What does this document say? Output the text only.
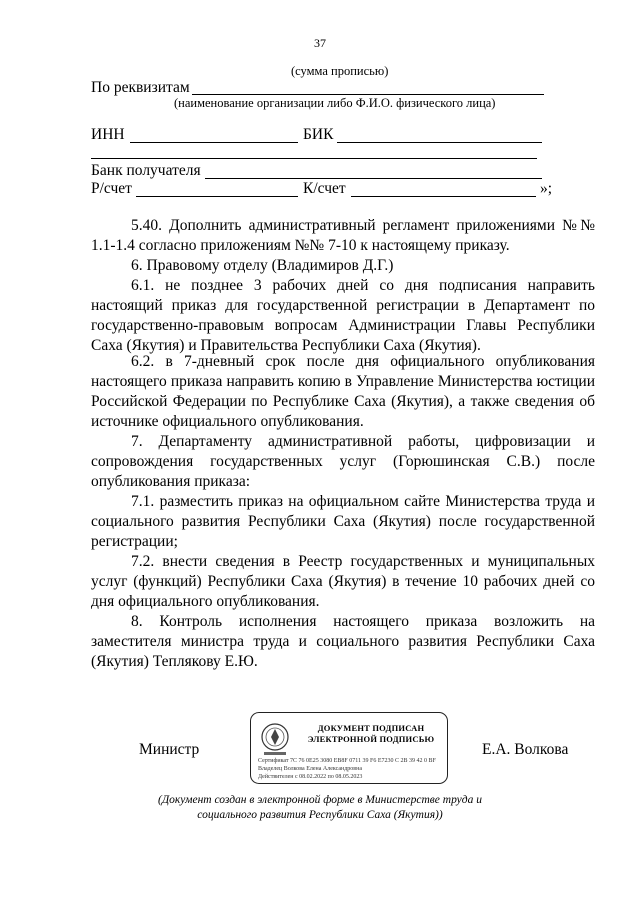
37
(сумма прописью)
По реквизитам
(наименование организации либо Ф.И.О. физического лица)
ИНН	БИК
Банк получателя
Р/счет	К/счет	»;
5.40. Дополнить административный регламент приложениями №№ 1.1-1.4 согласно приложениям №№ 7-10 к настоящему приказу.
6. Правовому отделу (Владимиров Д.Г.)
6.1. не позднее 3 рабочих дней со дня подписания направить настоящий приказ для государственной регистрации в Департамент по государственно-правовым вопросам Администрации Главы Республики Саха (Якутия) и Правительства Республики Саха (Якутия).
6.2. в 7-дневный срок после дня официального опубликования настоящего приказа направить копию в Управление Министерства юстиции Российской Федерации по Республике Саха (Якутия), а также сведения об источнике официального опубликования.
7. Департаменту административной работы, цифровизации и сопровождения государственных услуг (Горюшинская С.В.) после опубликования приказа:
7.1. разместить приказ на официальном сайте Министерства труда и социального развития Республики Саха (Якутия) после государственной регистрации;
7.2. внести сведения в Реестр государственных и муниципальных услуг (функций) Республики Саха (Якутия) в течение 10 рабочих дней со дня официального опубликования.
8. Контроль исполнения настоящего приказа возложить на заместителя министра труда и социального развития Республики Саха (Якутия) Теплякову Е.Ю.
Министр
ДОКУМЕНТ ПОДПИСАН
ЭЛЕКТРОННОЙ ПОДПИСЬЮ
Сертификат 7C 76 0E25 3080 EB8F 0711 39 F6 E7230 C 2B 39 42 0 BF
Владелец Волкова Елена Александровна
Действителен с 08.02.2022 по 08.05.2023
Е.А. Волкова
(Документ создан в электронной форме в Министерстве труда и
социального развития Республики Саха (Якутия))
